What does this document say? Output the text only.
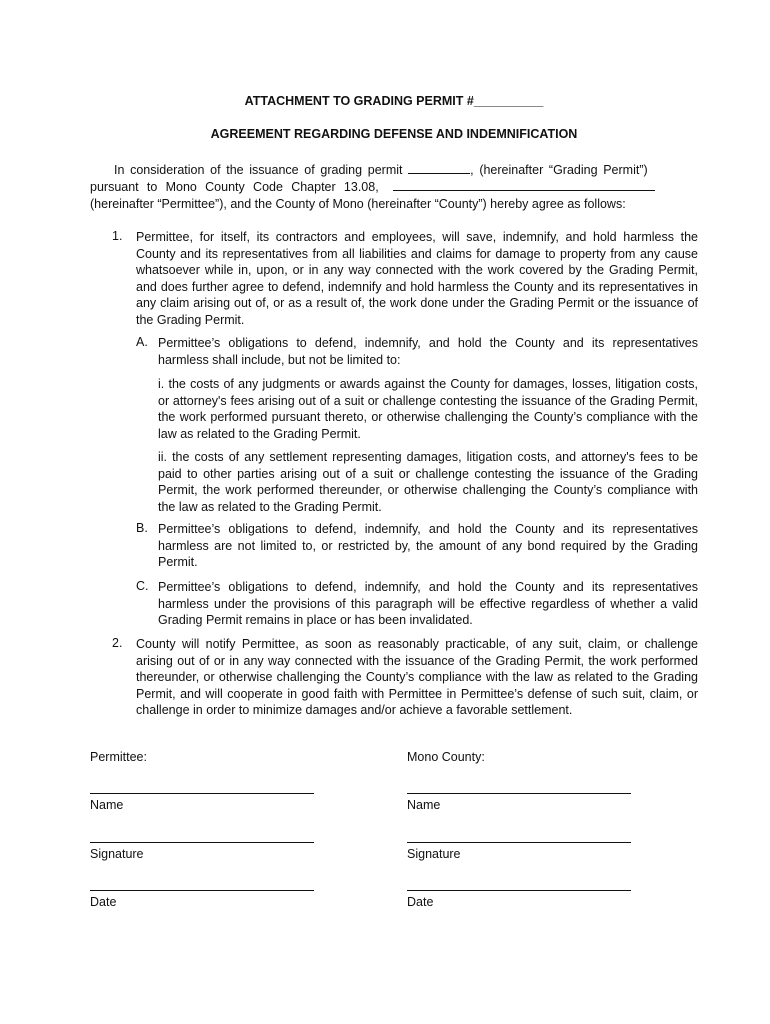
ATTACHMENT TO GRADING PERMIT #__________
AGREEMENT REGARDING DEFENSE AND INDEMNIFICATION
In consideration of the issuance of grading permit	, (hereinafter “Grading Permit”)
pursuant to Mono County Code Chapter 13.08,
(hereinafter “Permittee”), and the County of Mono (hereinafter “County”) hereby agree as follows:
1. Permittee, for itself, its contractors and employees, will save, indemnify, and hold harmless the County and its representatives from all liabilities and claims for damage to property from any cause whatsoever while in, upon, or in any way connected with the work covered by the Grading Permit, and does further agree to defend, indemnify and hold harmless the County and its representatives in any claim arising out of, or as a result of, the work done under the Grading Permit or the issuance of the Grading Permit.
A. Permittee’s obligations to defend, indemnify, and hold the County and its representatives harmless shall include, but not be limited to:
i. the costs of any judgments or awards against the County for damages, losses, litigation costs, or attorney's fees arising out of a suit or challenge contesting the issuance of the Grading Permit, the work performed pursuant thereto, or otherwise challenging the County’s compliance with the law as related to the Grading Permit.
ii. the costs of any settlement representing damages, litigation costs, and attorney's fees to be paid to other parties arising out of a suit or challenge contesting the issuance of the Grading Permit, the work performed thereunder, or otherwise challenging the County’s compliance with the law as related to the Grading Permit.
B. Permittee’s obligations to defend, indemnify, and hold the County and its representatives harmless are not limited to, or restricted by, the amount of any bond required by the Grading Permit.
C. Permittee’s obligations to defend, indemnify, and hold the County and its representatives harmless under the provisions of this paragraph will be effective regardless of whether a valid Grading Permit remains in place or has been invalidated.
2. County will notify Permittee, as soon as reasonably practicable, of any suit, claim, or challenge arising out of or in any way connected with the issuance of the Grading Permit, the work performed thereunder, or otherwise challenging the County’s compliance with the law as related to the Grading Permit, and will cooperate in good faith with Permittee in Permittee’s defense of such suit, claim, or challenge in order to minimize damages and/or achieve a favorable settlement.
Permittee:	Mono County:
Name	Name
Signature	Signature
Date	Date
